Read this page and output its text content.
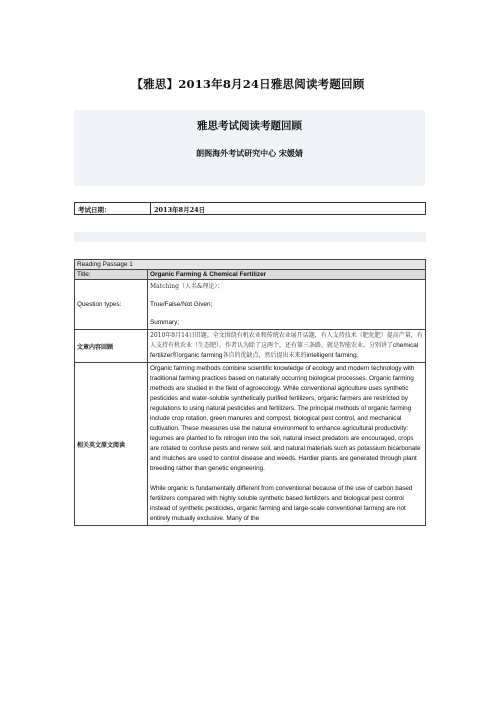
【雅思】2013年8月24日雅思阅读考题回顾
雅思考试阅读考题回顾
朗阁海外考试研究中心 宋媛婧
考试日期：	2013年8月24日
Reading Passage 1	
Title:	Organic Farming & Chemical Fertilizer
Question types:	Matching（人名&理论）；
True/False/Not Given;
Summary;

文章内容回顾	2010年8月14日旧题。全文围绕有机农业和传统农业展开话题，有人支持技术（肥化肥）提高产量，有人支持有机农业（生态肥），作者认为除了这两个，还有第三条路，就是智能农业。分别讲了chemical fertilizer和organic farming各自的优缺点，然后提出未来的intelligent farming。
相关英文原文阅读	Organic farming methods combine scientific knowledge of ecology and modern technology with traditional farming practices based on naturally occurring biological processes. Organic farming methods are studied in the field of agroecology. While conventional agriculture uses synthetic pesticides and water-soluble synthetically purified fertilizers, organic farmers are restricted by regulations to using natural pesticides and fertilizers. The principal methods of organic farming include crop rotation, green manures and compost, biological pest control, and mechanical cultivation. These measures use the natural environment to enhance agricultural productivity: legumes are planted to fix nitrogen into the soil, natural insect predators are encouraged, crops are rotated to confuse pests and renew soil, and natural materials such as potassium bicarbonate and mulches are used to control disease and weeds. Hardier plants are generated through plant breeding rather than genetic engineering.

While organic is fundamentally different from conventional because of the use of carbon based fertilizers compared with highly soluble synthetic based fertilizers and biological pest control instead of synthetic pesticides, organic farming and large-scale conventional farming are not entirely mutually exclusive. Many of the
